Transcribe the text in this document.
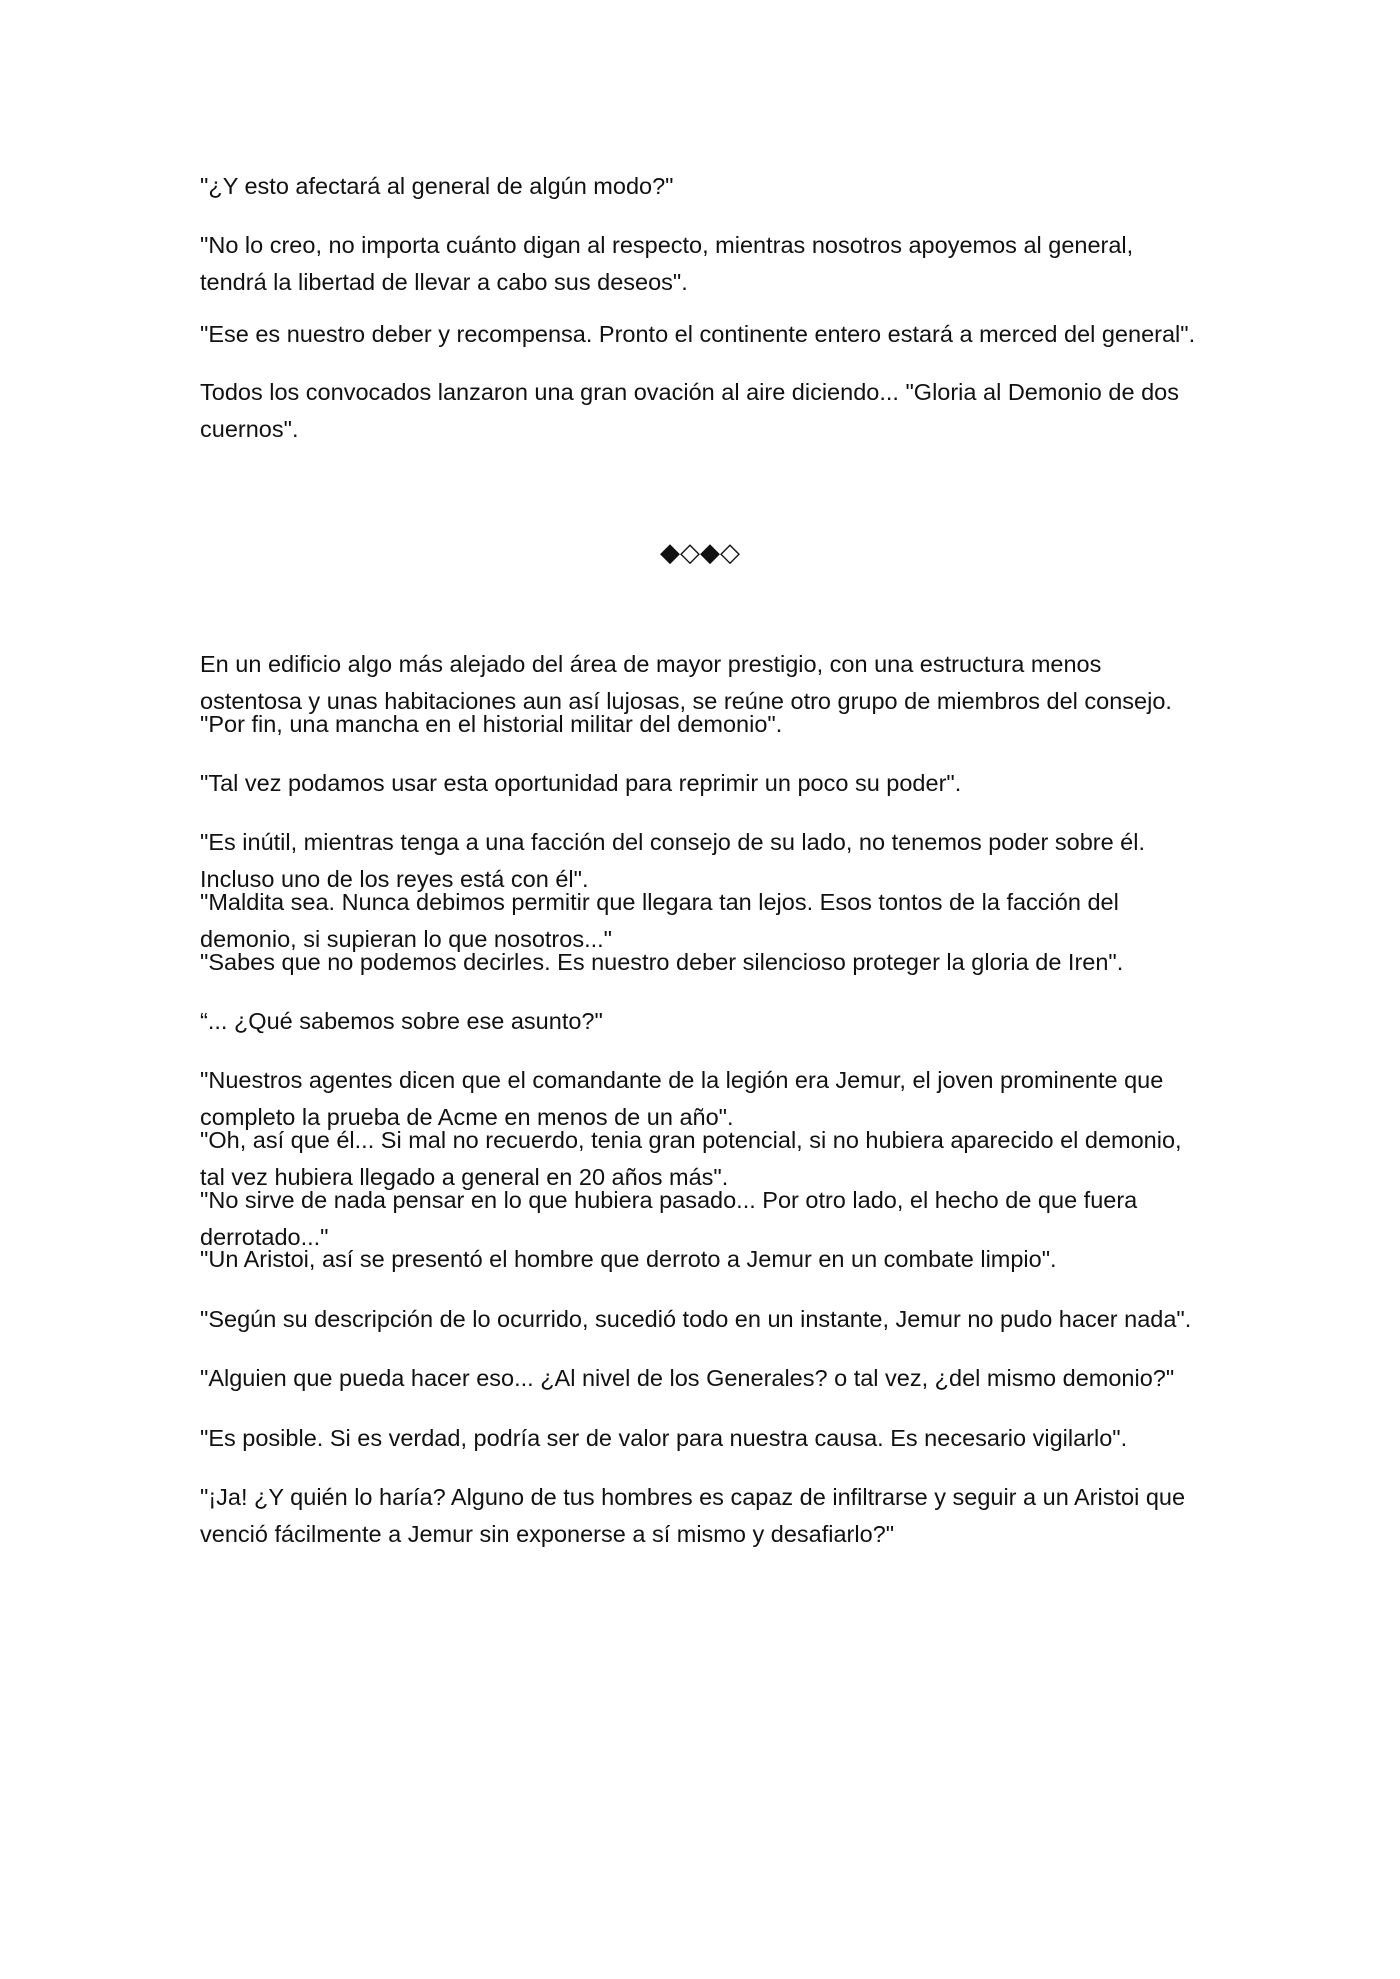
"¿Y esto afectará al general de algún modo?"

"No lo creo, no importa cuánto digan al respecto, mientras nosotros apoyemos al general,
tendrá la libertad de llevar a cabo sus deseos".

"Ese es nuestro deber y recompensa. Pronto el continente entero estará a merced del general".

Todos los convocados lanzaron una gran ovación al aire diciendo... "Gloria al Demonio de dos
cuernos".

◆◇◆◇

En un edificio algo más alejado del área de mayor prestigio, con una estructura menos
ostentosa y unas habitaciones aun así lujosas, se reúne otro grupo de miembros del consejo.

"Por fin, una mancha en el historial militar del demonio".

"Tal vez podamos usar esta oportunidad para reprimir un poco su poder".

"Es inútil, mientras tenga a una facción del consejo de su lado, no tenemos poder sobre él.
Incluso uno de los reyes está con él".

"Maldita sea. Nunca debimos permitir que llegara tan lejos. Esos tontos de la facción del
demonio, si supieran lo que nosotros..."

"Sabes que no podemos decirles. Es nuestro deber silencioso proteger la gloria de Iren".

“... ¿Qué sabemos sobre ese asunto?"

"Nuestros agentes dicen que el comandante de la legión era Jemur, el joven prominente que
completo la prueba de Acme en menos de un año".

"Oh, así que él... Si mal no recuerdo, tenia gran potencial, si no hubiera aparecido el demonio,
tal vez hubiera llegado a general en 20 años más".

"No sirve de nada pensar en lo que hubiera pasado... Por otro lado, el hecho de que fuera
derrotado..."

"Un Aristoi, así se presentó el hombre que derroto a Jemur en un combate limpio".

"Según su descripción de lo ocurrido, sucedió todo en un instante, Jemur no pudo hacer nada".

"Alguien que pueda hacer eso... ¿Al nivel de los Generales? o tal vez, ¿del mismo demonio?"

"Es posible. Si es verdad, podría ser de valor para nuestra causa. Es necesario vigilarlo".

"¡Ja! ¿Y quién lo haría? Alguno de tus hombres es capaz de infiltrarse y seguir a un Aristoi que
venció fácilmente a Jemur sin exponerse a sí mismo y desafiarlo?"
